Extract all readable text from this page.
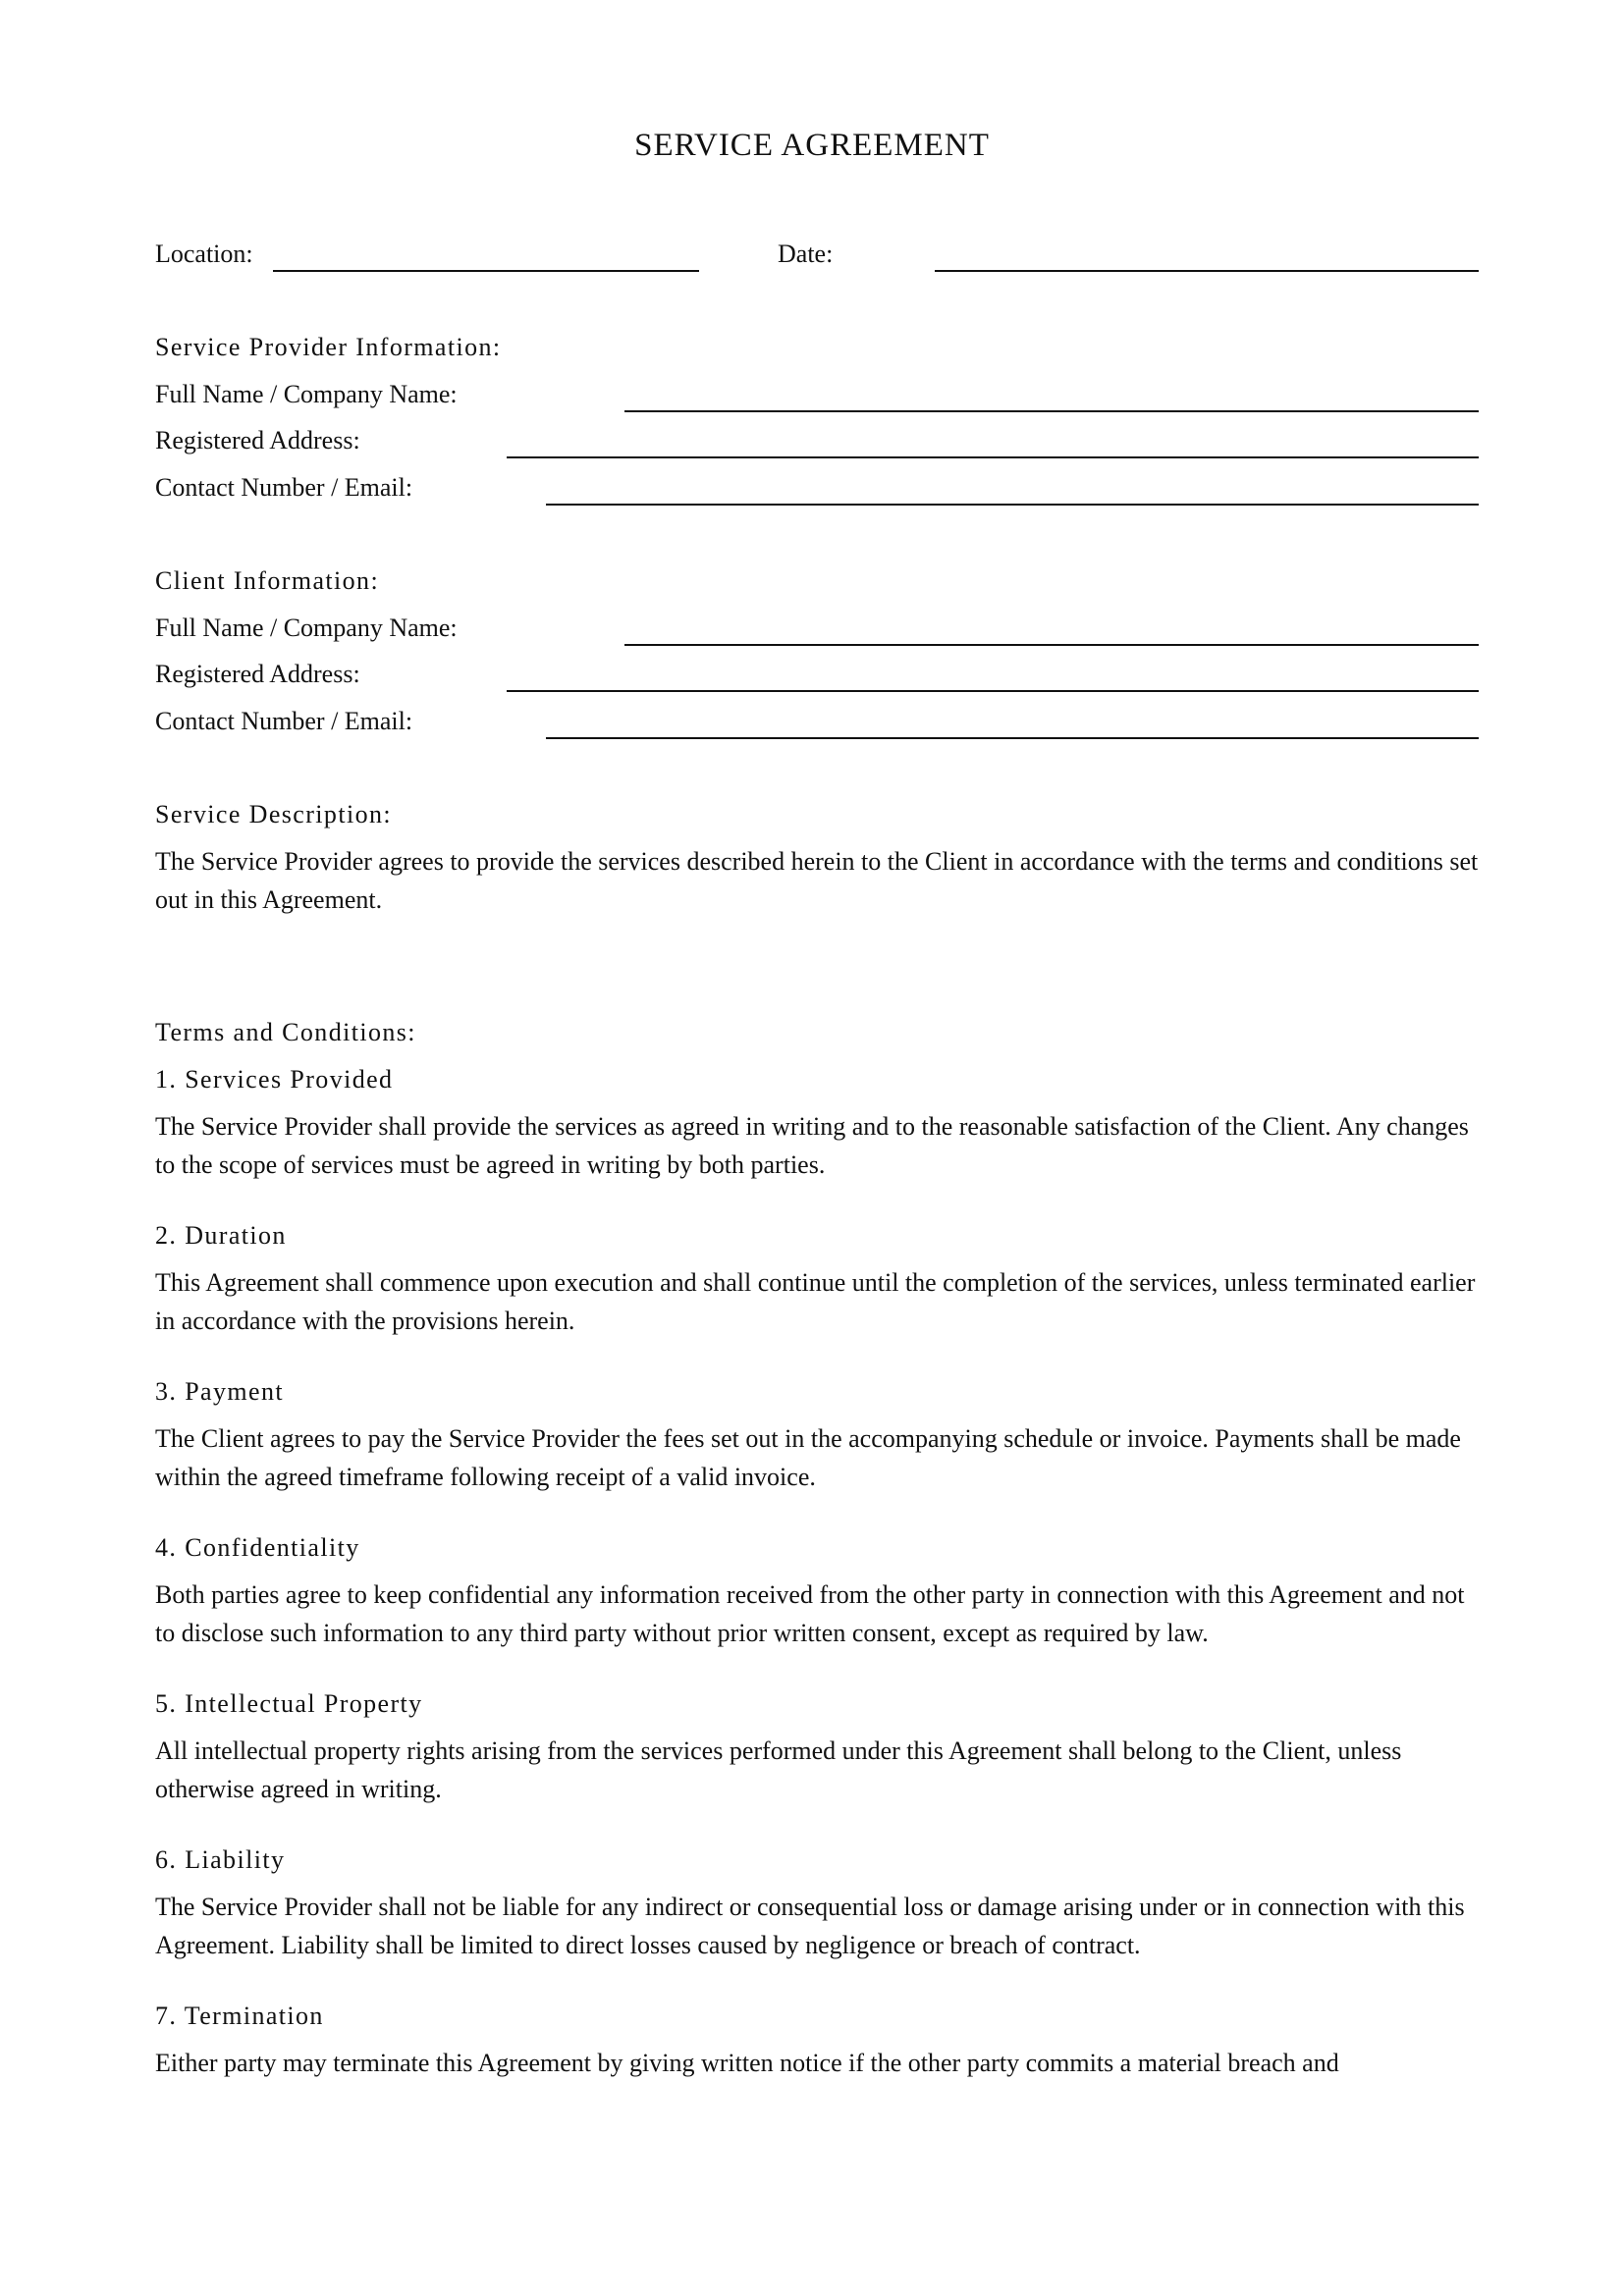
SERVICE AGREEMENT
Location:	Date:
Service Provider Information:
Full Name / Company Name:
Registered Address:
Contact Number / Email:
Client Information:
Full Name / Company Name:
Registered Address:
Contact Number / Email:
Service Description:
The Service Provider agrees to provide the services described herein to the Client in accordance with the terms and conditions set out in this Agreement.
Terms and Conditions:
1. Services Provided
The Service Provider shall provide the services as agreed in writing and to the reasonable satisfaction of the Client. Any changes to the scope of services must be agreed in writing by both parties.
2. Duration
This Agreement shall commence upon execution and shall continue until the completion of the services, unless terminated earlier in accordance with the provisions herein.
3. Payment
The Client agrees to pay the Service Provider the fees set out in the accompanying schedule or invoice. Payments shall be made within the agreed timeframe following receipt of a valid invoice.
4. Confidentiality
Both parties agree to keep confidential any information received from the other party in connection with this Agreement and not to disclose such information to any third party without prior written consent, except as required by law.
5. Intellectual Property
All intellectual property rights arising from the services performed under this Agreement shall belong to the Client, unless otherwise agreed in writing.
6. Liability
The Service Provider shall not be liable for any indirect or consequential loss or damage arising under or in connection with this Agreement. Liability shall be limited to direct losses caused by negligence or breach of contract.
7. Termination
Either party may terminate this Agreement by giving written notice if the other party commits a material breach and
